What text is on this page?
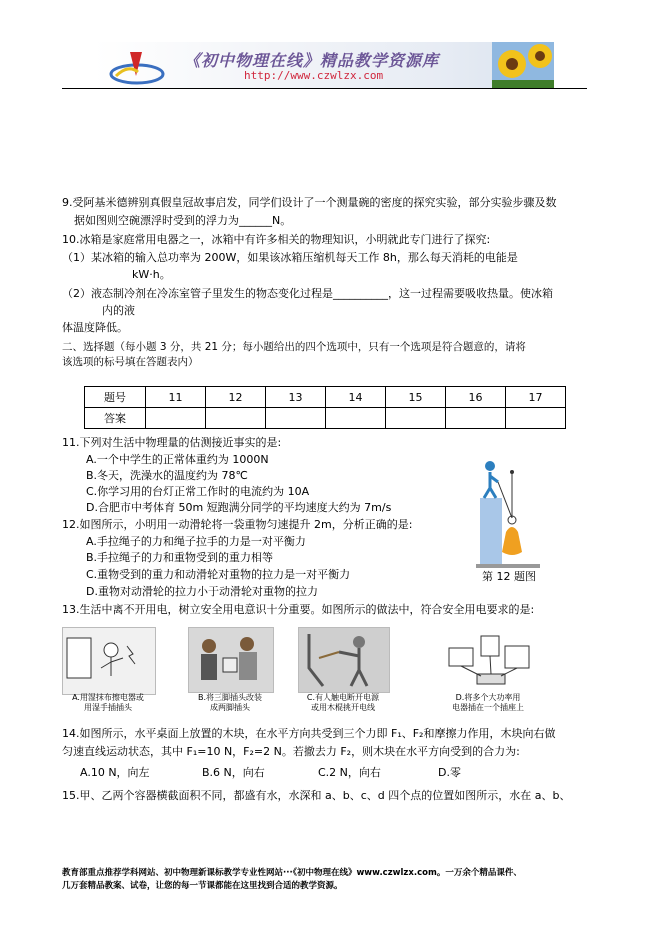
《初中物理在线》精品教学资源库
http://www.czwlzx.com
9.受阿基米德辨别真假皇冠故事启发，同学们设计了一个测量碗的密度的探究实验，部分实验步骤及数
据如图则空碗漂浮时受到的浮力为______N。
10.冰箱是家庭常用电器之一，冰箱中有许多相关的物理知识，小明就此专门进行了探究:
（1）某冰箱的输入总功率为 200W，如果该冰箱压缩机每天工作 8h，那么每天消耗的电能是
kW·h。
（2）液态制冷剂在冷冻室管子里发生的物态变化过程是__________，这一过程需要吸收热量。使冰箱
内的液
体温度降低。
二、选择题（每小题 3 分，共 21 分；每小题给出的四个选项中，只有一个选项是符合题意的，请将
该选项的标号填在答题表内）
题号	11	12	13	14	15	16	17
答案							
11.下列对生活中物理量的估测接近事实的是:
A.一个中学生的正常体重约为 1000N
B.冬天，洗澡水的温度约为 78℃
C.你学习用的台灯正常工作时的电流约为 10A
D.合肥市中考体育 50m 短跑满分同学的平均速度大约为 7m/s
12.如图所示，小明用一动滑轮将一袋重物匀速提升 2m，分析正确的是:
A.手拉绳子的力和绳子拉手的力是一对平衡力
B.手拉绳子的力和重物受到的重力相等
C.重物受到的重力和动滑轮对重物的拉力是一对平衡力
D.重物对动滑轮的拉力小于动滑轮对重物的拉力
第 12 题图
13.生活中离不开用电，树立安全用电意识十分重要。如图所示的做法中，符合安全用电要求的是:
A.用湿抹布擦电器或
用湿手插插头
B.将三脚插头改装
成两脚插头
C.有人触电断开电源
或用木棍挑开电线
D.将多个大功率用
电器插在一个插座上
14.如图所示，水平桌面上放置的木块，在水平方向共受到三个力即 F₁、F₂和摩擦力作用，木块向右做
匀速直线运动状态，其中 F₁=10 N，F₂=2 N。若撤去力 F₂，则木块在水平方向受到的合力为:
A.10 N，向左	B.6 N，向右	C.2 N，向右	D.零
15.甲、乙两个容器横截面积不同，都盛有水，水深和 a、b、c、d 四个点的位置如图所示，水在 a、b、
教育部重点推荐学科网站、初中物理新课标教学专业性网站···《初中物理在线》www.czwlzx.com。一万余个精品课件、
几万套精品教案、试卷，让您的每一节课都能在这里找到合适的教学资源。
